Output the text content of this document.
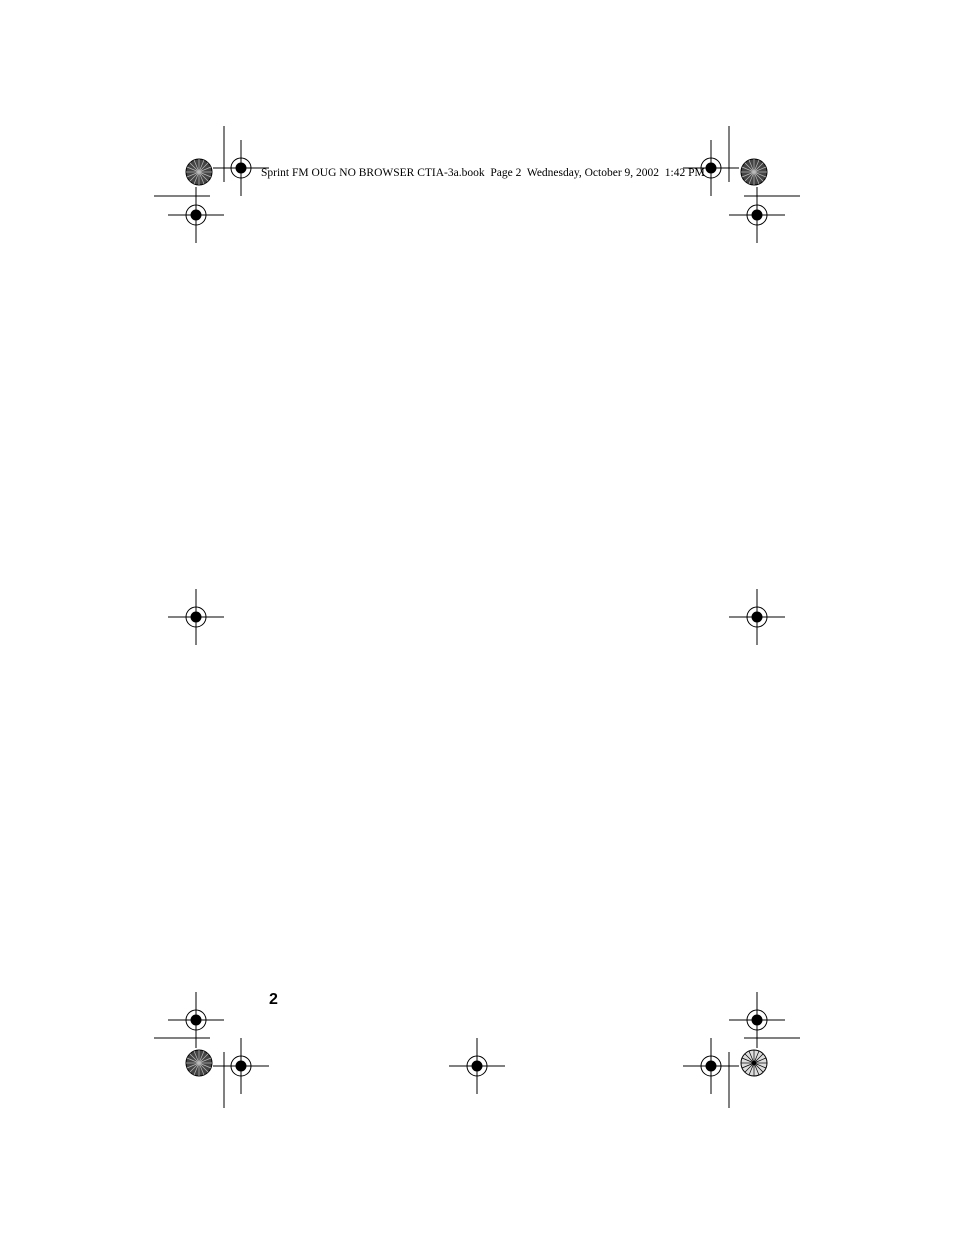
Sprint FM OUG NO BROWSER CTIA-3a.book  Page 2  Wednesday, October 9, 2002  1:42 PM
2
